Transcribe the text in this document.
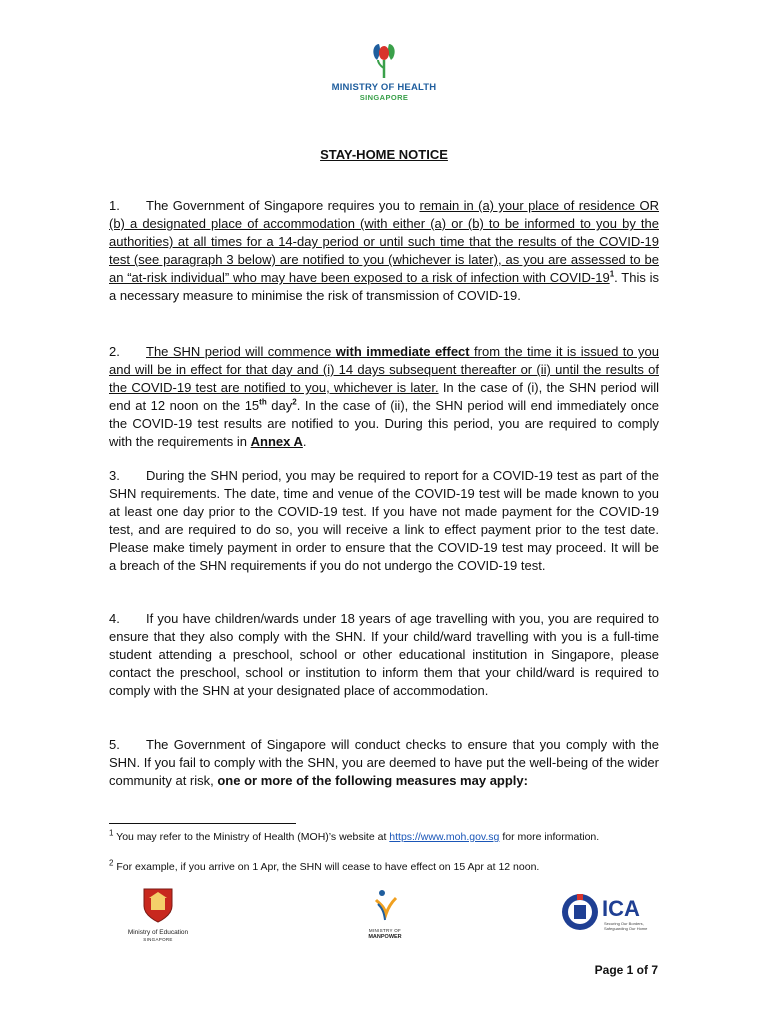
MINISTRY OF HEALTH
SINGAPORE
STAY-HOME NOTICE
1. The Government of Singapore requires you to remain in (a) your place of residence OR (b) a designated place of accommodation (with either (a) or (b) to be informed to you by the authorities) at all times for a 14-day period or until such time that the results of the COVID-19 test (see paragraph 3 below) are notified to you (whichever is later), as you are assessed to be an “at-risk individual” who may have been exposed to a risk of infection with COVID-$19^1$. This is a necessary measure to minimise the risk of transmission of COVID-19.
2. The SHN period will commence with immediate effect from the time it is issued to you and will be in effect for that day and (i) 14 days subsequent thereafter or (ii) until the results of the COVID-19 test are notified to you, whichever is later. In the case of (i), the SHN period will end at 12 noon on the 15th day$^2$. In the case of (ii), the SHN period will end immediately once the COVID-19 test results are notified to you. During this period, you are required to comply with the requirements in Annex A.
3. During the SHN period, you may be required to report for a COVID-19 test as part of the SHN requirements. The date, time and venue of the COVID-19 test will be made known to you at least one day prior to the COVID-19 test. If you have not made payment for the COVID-19 test, and are required to do so, you will receive a link to effect payment prior to the test date. Please make timely payment in order to ensure that the COVID-19 test may proceed. It will be a breach of the SHN requirements if you do not undergo the COVID-19 test.
4. If you have children/wards under 18 years of age travelling with you, you are required to ensure that they also comply with the SHN. If your child/ward travelling with you is a full-time student attending a preschool, school or other educational institution in Singapore, please contact the preschool, school or institution to inform them that your child/ward is required to comply with the SHN at your designated place of accommodation.
5. The Government of Singapore will conduct checks to ensure that you comply with the SHN. If you fail to comply with the SHN, you are deemed to have put the well-being of the wider community at risk, one or more of the following measures may apply:
$^1$ You may refer to the Ministry of Health (MOH)’s website at https://www.moh.gov.sg for more information.
$^2$ For example, if you arrive on 1 Apr, the SHN will cease to have effect on 15 Apr at 12 noon.
Ministry of Education
SINGAPORE
MINISTRY OF
MANPOWER
ICA
Securing Our Borders, Safeguarding Our Home
Page 1 of 7
